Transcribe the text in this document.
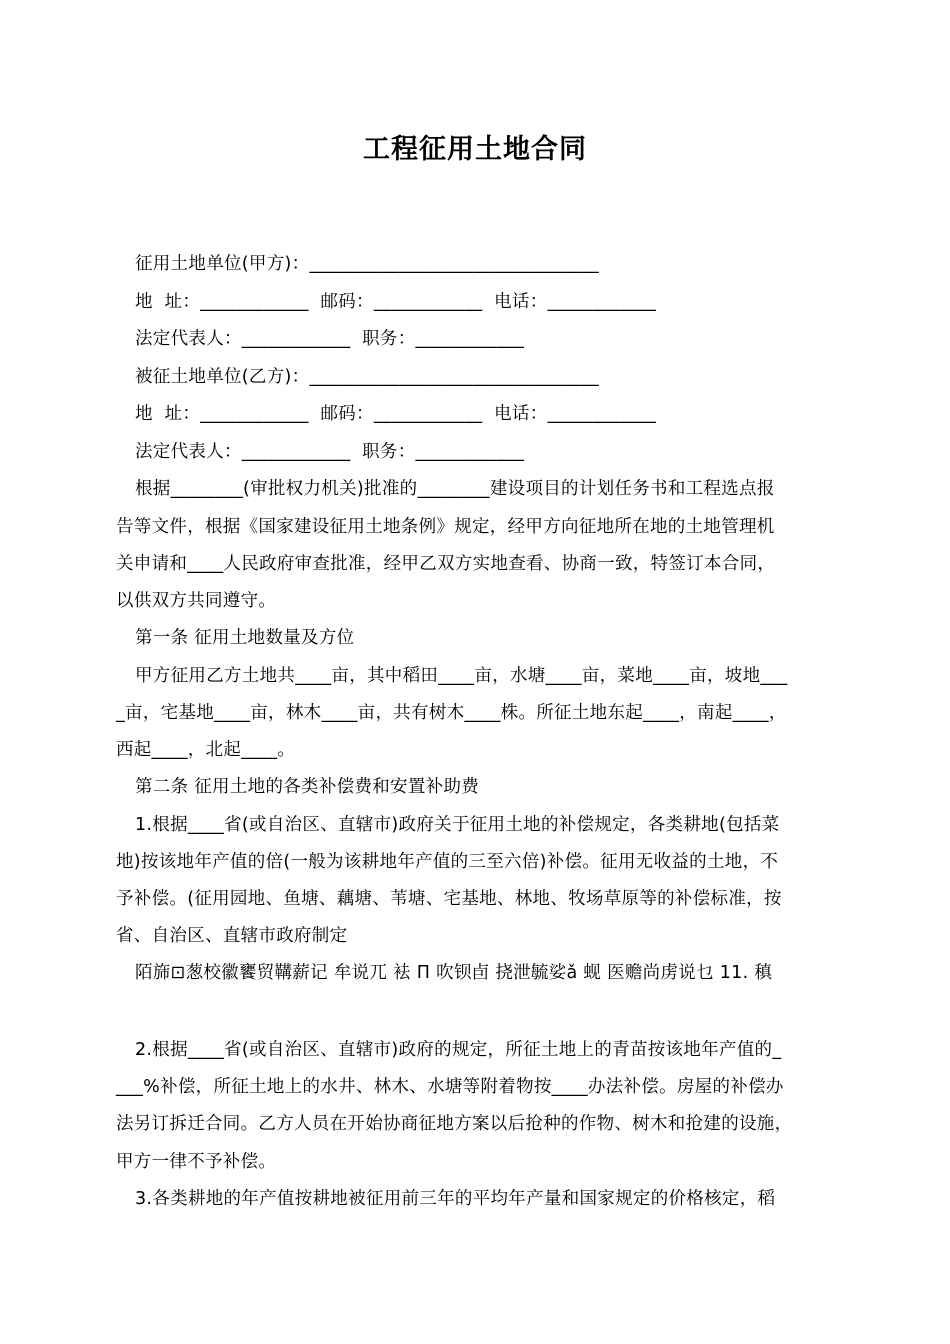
工程征用土地合同
征用土地单位(甲方)：________________________________
地  址：____________  邮码：____________  电话：____________
法定代表人：____________  职务：____________
被征土地单位(乙方)：________________________________
地  址：____________  邮码：____________  电话：____________
法定代表人：____________  职务：____________
根据________(审批权力机关)批准的________建设项目的计划任务书和工程选点报
告等文件，根据《国家建设征用土地条例》规定，经甲方向征地所在地的土地管理机
关申请和____人民政府审查批准，经甲乙双方实地查看、协商一致，特签订本合同，
以供双方共同遵守。
第一条 征用土地数量及方位
甲方征用乙方土地共____亩，其中稻田____亩，水塘____亩，菜地____亩，坡地___
_亩，宅基地____亩，林木____亩，共有树木____株。所征土地东起____，南起____，
西起____，北起____。
第二条 征用土地的各类补偿费和安置补助费
1.根据____省(或自治区、直辖市)政府关于征用土地的补偿规定，各类耕地(包括菜
地)按该地年产值的倍(一般为该耕地年产值的三至六倍)补偿。征用无收益的土地，不
予补偿。(征用园地、鱼塘、藕塘、苇塘、宅基地、林地、牧场草原等的补偿标准，按
省、自治区、直辖市政府制定
陌旆⊡葱校徽饔贸鞲薪记 牟说兀 袪 Π 吹钡卣 挠泄毓娑ǎ 蚬 医赡尚虏说乜 11. 稹
2.根据____省(或自治区、直辖市)政府的规定，所征土地上的青苗按该地年产值的_
___%补偿，所征土地上的水井、林木、水塘等附着物按____办法补偿。房屋的补偿办
法另订拆迁合同。乙方人员在开始协商征地方案以后抢种的作物、树木和抢建的设施，
甲方一律不予补偿。
3.各类耕地的年产值按耕地被征用前三年的平均年产量和国家规定的价格核定，稻
